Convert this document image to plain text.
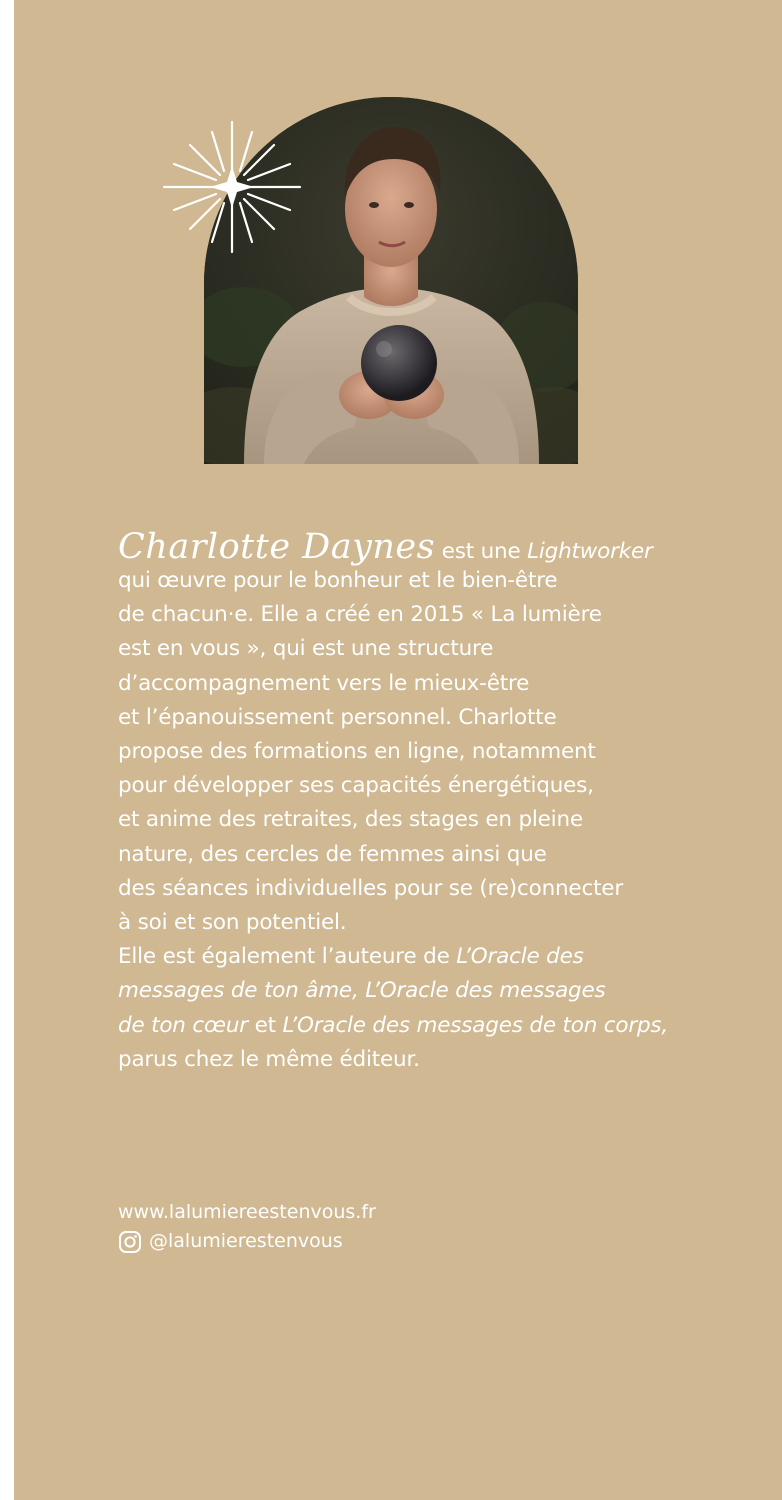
Charlotte Daynes est une Lightworker
qui œuvre pour le bonheur et le bien-être
de chacun·e. Elle a créé en 2015 « La lumière
est en vous », qui est une structure
d’accompagnement vers le mieux-être
et l’épanouissement personnel. Charlotte
propose des formations en ligne, notamment
pour développer ses capacités énergétiques,
et anime des retraites, des stages en pleine
nature, des cercles de femmes ainsi que
des séances individuelles pour se (re)connecter
à soi et son potentiel.
Elle est également l’auteure de L’Oracle des
messages de ton âme, L’Oracle des messages
de ton cœur et L’Oracle des messages de ton corps,
parus chez le même éditeur.
www.lalumiereestenvous.fr
@lalumierestenvous
